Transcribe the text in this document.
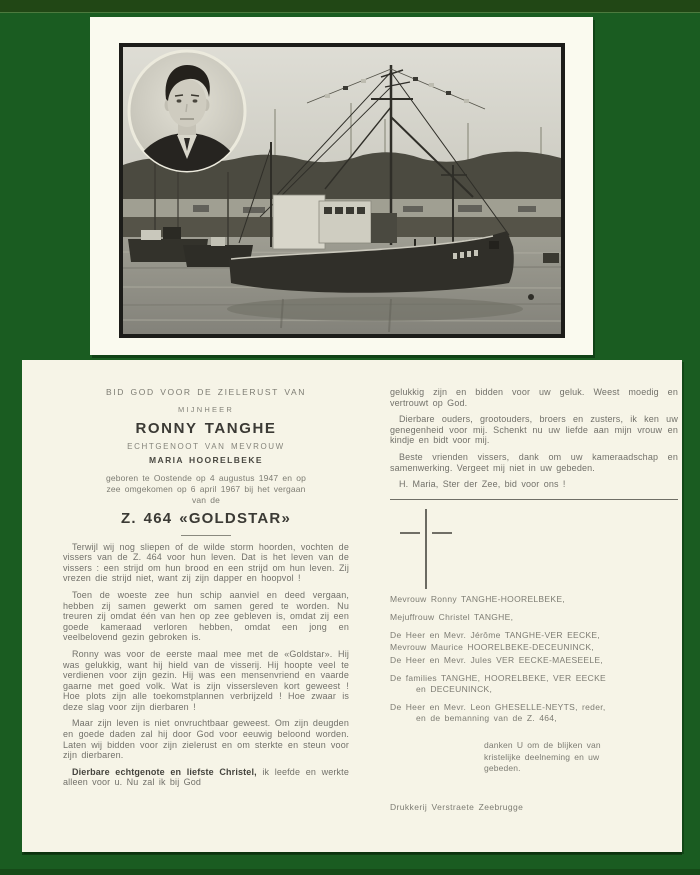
BID GOD VOOR DE ZIELERUST VAN
MIJNHEER
RONNY TANGHE
ECHTGENOOT VAN MEVROUW
MARIA HOORELBEKE
geboren te Oostende op 4 augustus 1947 en op
zee omgekomen op 6 april 1967 bij het vergaan
van de
Z. 464 «GOLDSTAR»

Terwijl wij nog sliepen of de wilde storm hoorden, vochten de vissers van de Z. 464 voor hun leven. Dat is het leven van de vissers : een strijd om hun brood en een strijd om hun leven. Zij vrezen die strijd niet, want zij zijn dapper en hoopvol !

Toen de woeste zee hun schip aanviel en deed vergaan, hebben zij samen gewerkt om samen gered te worden. Nu treuren zij omdat één van hen op zee gebleven is, omdat zij een goede kameraad verloren hebben, omdat een jong en veelbelovend gezin gebroken is.

Ronny was voor de eerste maal mee met de «Goldstar». Hij was gelukkig, want hij hield van de visserij. Hij hoopte veel te verdienen voor zijn gezin. Hij was een mensenvriend en vaarde gaarne met goed volk. Wat is zijn vissersleven kort geweest ! Hoe plots zijn alle toekomstplannen verbrijzeld ! Hoe zwaar is deze slag voor zijn dierbaren !

Maar zijn leven is niet onvruchtbaar geweest. Om zijn deugden en goede daden zal hij door God voor eeuwig beloond worden. Laten wij bidden voor zijn zielerust en om sterkte en steun voor zijn dierbaren.

Dierbare echtgenote en liefste Christel, ik leefde en werkte alleen voor u. Nu zal ik bij God

gelukkig zijn en bidden voor uw geluk. Weest moedig en vertrouwt op God.

Dierbare ouders, grootouders, broers en zusters, ik ken uw genegenheid voor mij. Schenkt nu uw liefde aan mijn vrouw en kindje en bidt voor mij.

Beste vrienden vissers, dank om uw kameraadschap en samenwerking. Vergeet mij niet in uw gebeden.

H. Maria, Ster der Zee, bid voor ons !

Mevrouw Ronny TANGHE-HOORELBEKE,
Mejuffrouw Christel TANGHE,
De Heer en Mevr. Jérôme TANGHE-VER EECKE,
Mevrouw Maurice HOORELBEKE-DECEUNINCK,
De Heer en Mevr. Jules VER EECKE-MAESEELE,
De families TANGHE, HOORELBEKE, VER EECKE
en DECEUNINCK,
De Heer en Mevr. Leon GHESELLE-NEYTS, reder,
en de bemanning van de Z. 464,
danken U om de blijken van
kristelijke deelneming en uw
gebeden.
Drukkerij Verstraete Zeebrugge
